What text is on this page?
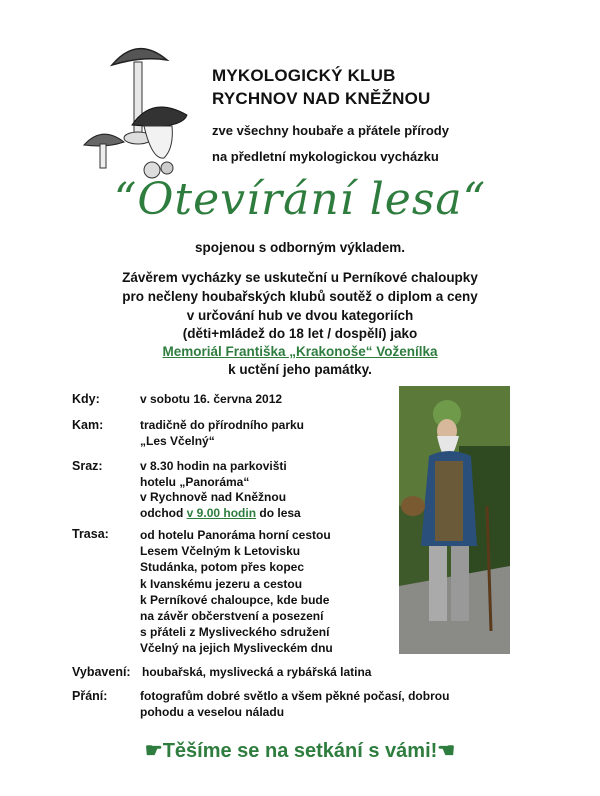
MYKOLOGICKÝ KLUB
RYCHNOV NAD KNĚŽNOU
zve všechny houbaře a přátele přírody
na předletní mykologickou vycházku
“Otevírání lesa“
spojenou s odborným výkladem.
Závěrem vycházky se uskuteční u Perníkové chaloupky
pro nečleny houbařských klubů soutěž o diplom a ceny
v určování hub ve dvou kategoriích
(děti+mládež do 18 let / dospělí) jako
Memoriál Františka „Krakonoše“ Voženílka
k uctění jeho památky.
Kdy:	v sobotu 16. června 2012
Kam:	tradičně do přírodního parku
„Les Včelný“
Sraz:	v 8.30 hodin na parkovišti
hotelu „Panoráma“
v Rychnově nad Kněžnou
odchod v 9.00 hodin do lesa
Trasa:	od hotelu Panoráma horní cestou
Lesem Včelným k Letovisku
Studánka, potom přes kopec
k Ivanskému jezeru a cestou
k Perníkové chaloupce, kde bude
na závěr občerstvení a posezení
s přáteli z Mysliveckého sdružení
Včelný na jejich Mysliveckém dnu
Vybavení: houbařská, myslivecká a rybářská latina
Přání:	fotografům dobré světlo a všem pěkné počasí, dobrou
pohodu a veselou náladu
☛Těšíme se na setkání s vámi!☚
